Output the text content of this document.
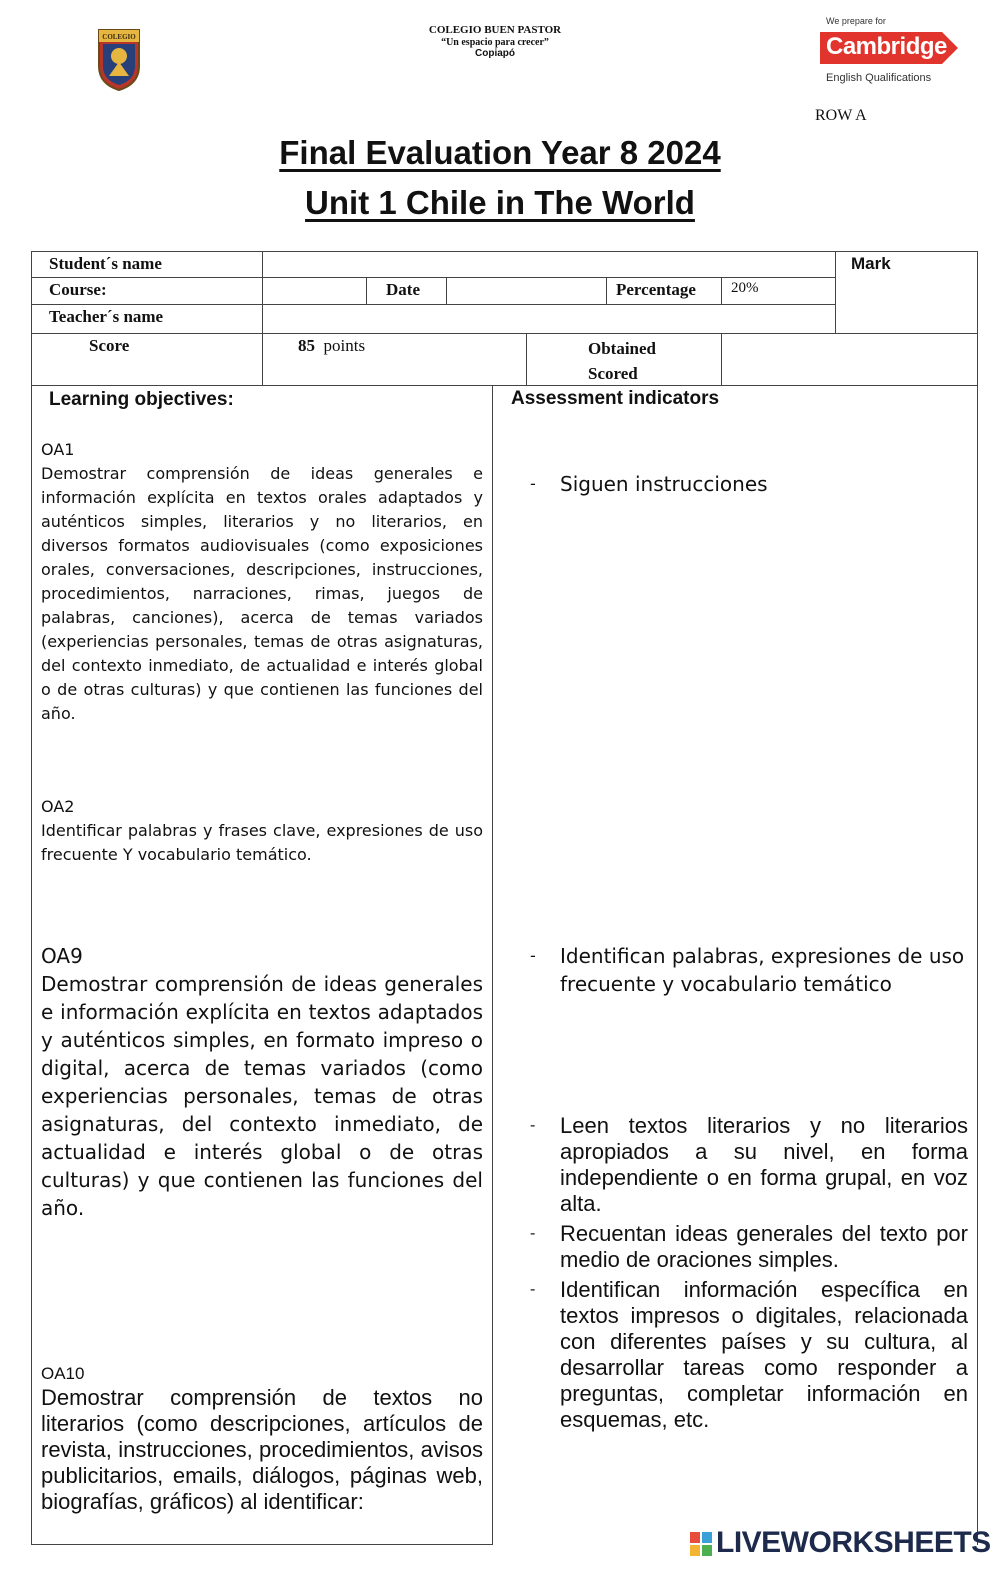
COLEGIO
COLEGIO BUEN PASTOR
“Un espacio para crecer”
Copiapó
We prepare for
Cambridge
English Qualifications
ROW A
Final Evaluation Year 8 2024
Unit 1 Chile in The World
Student´s name	Mark
Course:	Date	Percentage 20%
Teacher´s name
Score	85 points	Obtained
Scored
Learning objectives:	Assessment indicators
OA1
Demostrar comprensión de ideas generales e información explícita en textos orales adaptados y auténticos simples, literarios y no literarios, en diversos formatos audiovisuales (como exposiciones orales, conversaciones, descripciones, instrucciones, procedimientos, narraciones, rimas, juegos de palabras, canciones), acerca de temas variados (experiencias personales, temas de otras asignaturas, del contexto inmediato, de actualidad e interés global o de otras culturas) y que contienen las funciones del año.
OA2
Identificar palabras y frases clave, expresiones de uso frecuente Y vocabulario temático.
OA9
Demostrar comprensión de ideas generales e información explícita en textos adaptados y auténticos simples, en formato impreso o digital, acerca de temas variados (como experiencias personales, temas de otras asignaturas, del contexto inmediato, de actualidad e interés global o de otras culturas) y que contienen las funciones del año.
OA10
Demostrar comprensión de textos no literarios (como descripciones, artículos de revista, instrucciones, procedimientos, avisos publicitarios, emails, diálogos, páginas web, biografías, gráficos) al identificar:
- Siguen instrucciones
- Identifican palabras, expresiones de uso frecuente y vocabulario temático
- Leen textos literarios y no literarios apropiados a su nivel, en forma independiente o en forma grupal, en voz alta.
- Recuentan ideas generales del texto por medio de oraciones simples.
- Identifican información específica en textos impresos o digitales, relacionada con diferentes países y su cultura, al desarrollar tareas como responder a preguntas, completar información en esquemas, etc.
LIVEWORKSHEETS
